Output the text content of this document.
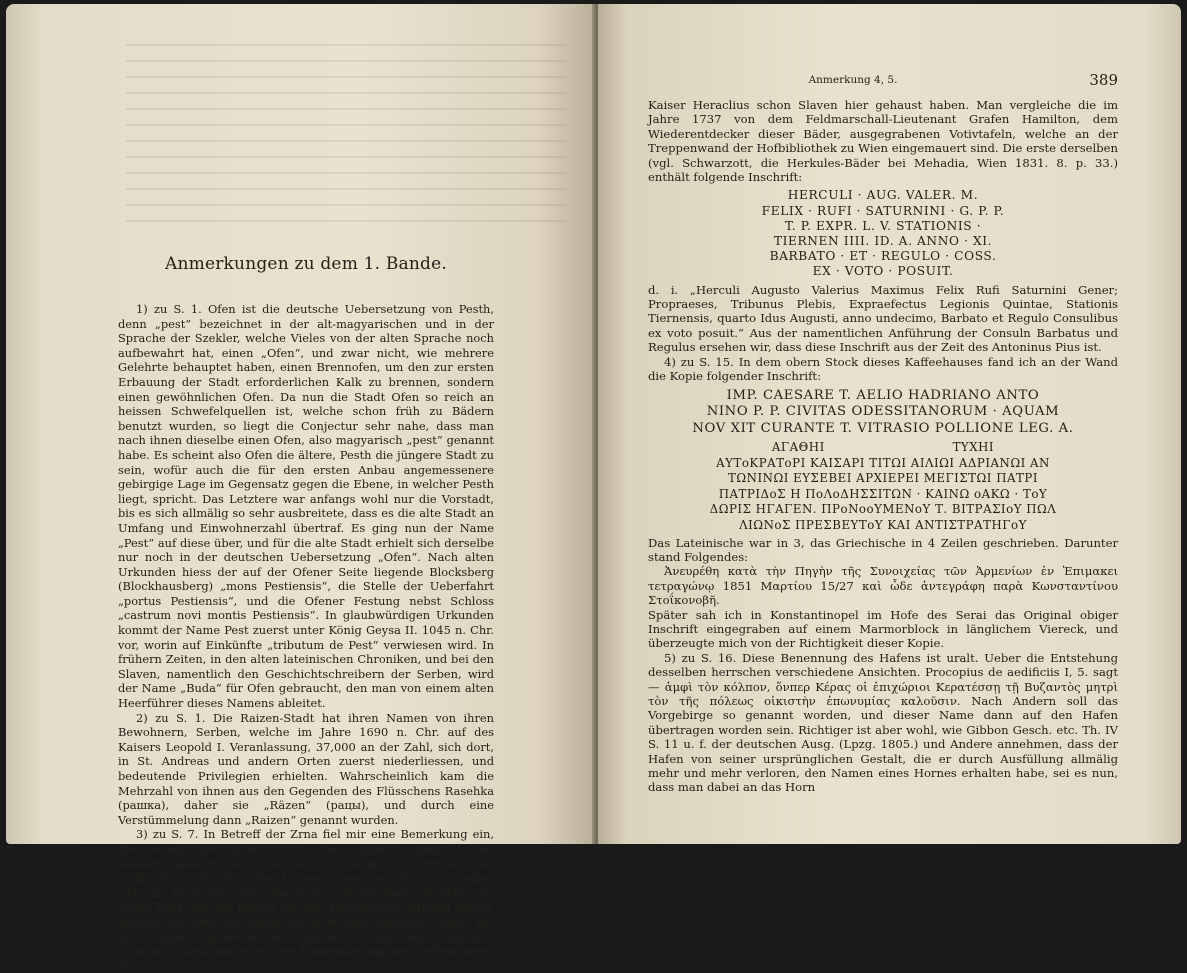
Anmerkungen zu dem 1. Bande.

1) zu S. 1. Ofen ist die deutsche Uebersetzung von Pesth, denn „pest“ bezeichnet in der alt-magyarischen und in der Sprache der Szekler, welche Vieles von der alten Sprache noch aufbewahrt hat, einen „Ofen“, und zwar nicht, wie mehrere Gelehrte behauptet haben, einen Brennofen, um den zur ersten Erbauung der Stadt erforderlichen Kalk zu brennen, sondern einen gewöhnlichen Ofen. Da nun die Stadt Ofen so reich an heissen Schwefelquellen ist, welche schon früh zu Bädern benutzt wurden, so liegt die Conjectur sehr nahe, dass man nach ihnen dieselbe einen Ofen, also magyarisch „pest“ genannt habe. Es scheint also Ofen die ältere, Pesth die jüngere Stadt zu sein, wofür auch die für den ersten Anbau angemessenere gebirgige Lage im Gegensatz gegen die Ebene, in welcher Pesth liegt, spricht. Das Letztere war anfangs wohl nur die Vorstadt, bis es sich allmälig so sehr ausbreitete, dass es die alte Stadt an Umfang und Einwohnerzahl übertraf. Es ging nun der Name „Pest“ auf diese über, und für die alte Stadt erhielt sich derselbe nur noch in der deutschen Uebersetzung „Ofen“. Nach alten Urkunden hiess der auf der Ofener Seite liegende Blocksberg (Blockhausberg) „mons Pestiensis“, die Stelle der Ueberfahrt „portus Pestiensis“, und die Ofener Festung nebst Schloss „castrum novi montis Pestiensis“. In glaubwürdigen Urkunden kommt der Name Pest zuerst unter König Geysa II. 1045 n. Chr. vor, worin auf Einkünfte „tributum de Pest“ verwiesen wird. In frühern Zeiten, in den alten lateinischen Chroniken, und bei den Slaven, namentlich den Geschichtschreibern der Serben, wird der Name „Buda“ für Ofen gebraucht, den man von einem alten Heerführer dieses Namens ableitet.

2) zu S. 1. Die Raizen-Stadt hat ihren Namen von ihren Bewohnern, Serben, welche im Jahre 1690 n. Chr. auf des Kaisers Leopold I. Veranlassung, 37,000 an der Zahl, sich dort, in St. Andreas und andern Orten zuerst niederliessen, und bedeutende Privilegien erhielten. Wahrscheinlich kam die Mehrzahl von ihnen aus den Gegenden des Flüsschens Rasehka (рашка), daher sie „Räzen“ (рацы), und durch eine Verstümmelung dann „Raizen“ genannt wurden.

3) zu S. 7. In Betreff der Zrna fiel mir eine Bemerkung ein, die, wenn sie nicht schon von Andern gemacht ist, beachtungswerth sein möchte. Römische Inschriften, und vielleicht auch römische Autoren, sprechen hier von einer Colonia Tiernensis und Tsernensis. Darin liegt offenbar der Name Zrna, den die Römer von den Einwohnern entlehnt haben, welche, da Zrna ein slavisches Wort und slavischer Name ist, auch Slaven gewesen sein müssen. Somit wäre dadurch constatirt, dass lange vor der Einwanderung der Serben unter dem

Anmerkung 4, 5.	389

Kaiser Heraclius schon Slaven hier gehaust haben. Man vergleiche die im Jahre 1737 von dem Feldmarschall-Lieutenant Grafen Hamilton, dem Wiederentdecker dieser Bäder, ausgegrabenen Votivtafeln, welche an der Treppenwand der Hofbibliothek zu Wien eingemauert sind. Die erste derselben (vgl. Schwarzott, die Herkules-Bäder bei Mehadia, Wien 1831. 8. p. 33.) enthält folgende Inschrift:

HERCULI · AUG. VALER. M.
FELIX · RUFI · SATURNINI · G. P. P.
T. P. EXPR. L. V. STATIONIS ·
TIERNEN IIII. ID. A. ANNO · XI.
BARBATO · ET · REGULO · COSS.
EX · VOTO · POSUIT.

d. i. „Herculi Augusto Valerius Maximus Felix Rufi Saturnini Gener; Propraeses, Tribunus Plebis, Expraefectus Legionis Quintae, Stationis Tiernensis, quarto Idus Augusti, anno undecimo, Barbato et Regulo Consulibus ex voto posuit.“ Aus der namentlichen Anführung der Consuln Barbatus und Regulus ersehen wir, dass diese Inschrift aus der Zeit des Antoninus Pius ist.

4) zu S. 15. In dem obern Stock dieses Kaffeehauses fand ich an der Wand die Kopie folgender Inschrift:

IMP. CAESARE T. AELIO HADRIANO ANTO
NINO P. P. CIVITAS ODESSITANORUM · AQUAM
NOV XIT CURANTE T. VITRASIO POLLIONE LEG. A.
ΑΓΑΘΗΙ	ΤΥΧΗΙ
ΑΥΤοΚΡΑΤοΡΙ ΚΑΙΣΑΡΙ ΤΙΤΩΙ ΑΙΛΙΩΙ ΑΔΡΙΑΝΩΙ ΑΝ
ΤΩΝΙΝΩΙ ΕΥΣΕΒΕΙ ΑΡΧΙΕΡΕΙ ΜΕΓΙΣΤΩΙ ΠΑΤΡΙ
ΠΑΤΡΙΔοΣ Η ΠοΛοΔΗΣΣΙΤΩΝ · ΚΑΙΝΩ οΑΚΩ · ΤοΥ
ΔΩΡΙΣ ΗΓΑΓΕΝ. ΠΡοΝοοΥΜΕΝοΥ Τ. ΒΙΤΡΑΣΙοΥ ΠΩΛ
ΛΙΩΝοΣ ΠΡΕΣΒΕΥΤοΥ ΚΑΙ ΑΝΤΙΣΤΡΑΤΗΓοΥ

Das Lateinische war in 3, das Griechische in 4 Zeilen geschrieben. Darunter stand Folgendes:

Ἀνευρέθη κατὰ τὴν Πηγὴν τῆς Συνοιχείας τῶν Ἀρμενίων ἐν Ἐπιμακει τετραγώνῳ 1851 Μαρτίου 15/27 καὶ ὧδε ἀντεγράφη παρὰ Κωνσταντίνου Στοΐκονοβῆ.

Später sah ich in Konstantinopel im Hofe des Serai das Original obiger Inschrift eingegraben auf einem Marmorblock in länglichem Viereck, und überzeugte mich von der Richtigkeit dieser Kopie.

5) zu S. 16. Diese Benennung des Hafens ist uralt. Ueber die Entstehung desselben herrschen verschiedene Ansichten. Procopius de aedificiis I, 5. sagt — ἀμφὶ τὸν κόλπον, ὅνπερ Κέρας οἱ ἐπιχώριοι Κερατέσσῃ τῇ Βυζαντὸς μητρὶ τὸν τῆς πόλεως οἰκιστὴν ἐπωνυμίας καλοῦσιν. Nach Andern soll das Vorgebirge so genannt worden, und dieser Name dann auf den Hafen übertragen worden sein. Richtiger ist aber wohl, wie Gibbon Gesch. etc. Th. IV S. 11 u. f. der deutschen Ausg. (Lpzg. 1805.) und Andere annehmen, dass der Hafen von seiner ursprünglichen Gestalt, die er durch Ausfüllung allmälig mehr und mehr verloren, den Namen eines Hornes erhalten habe, sei es nun, dass man dabei an das Horn
